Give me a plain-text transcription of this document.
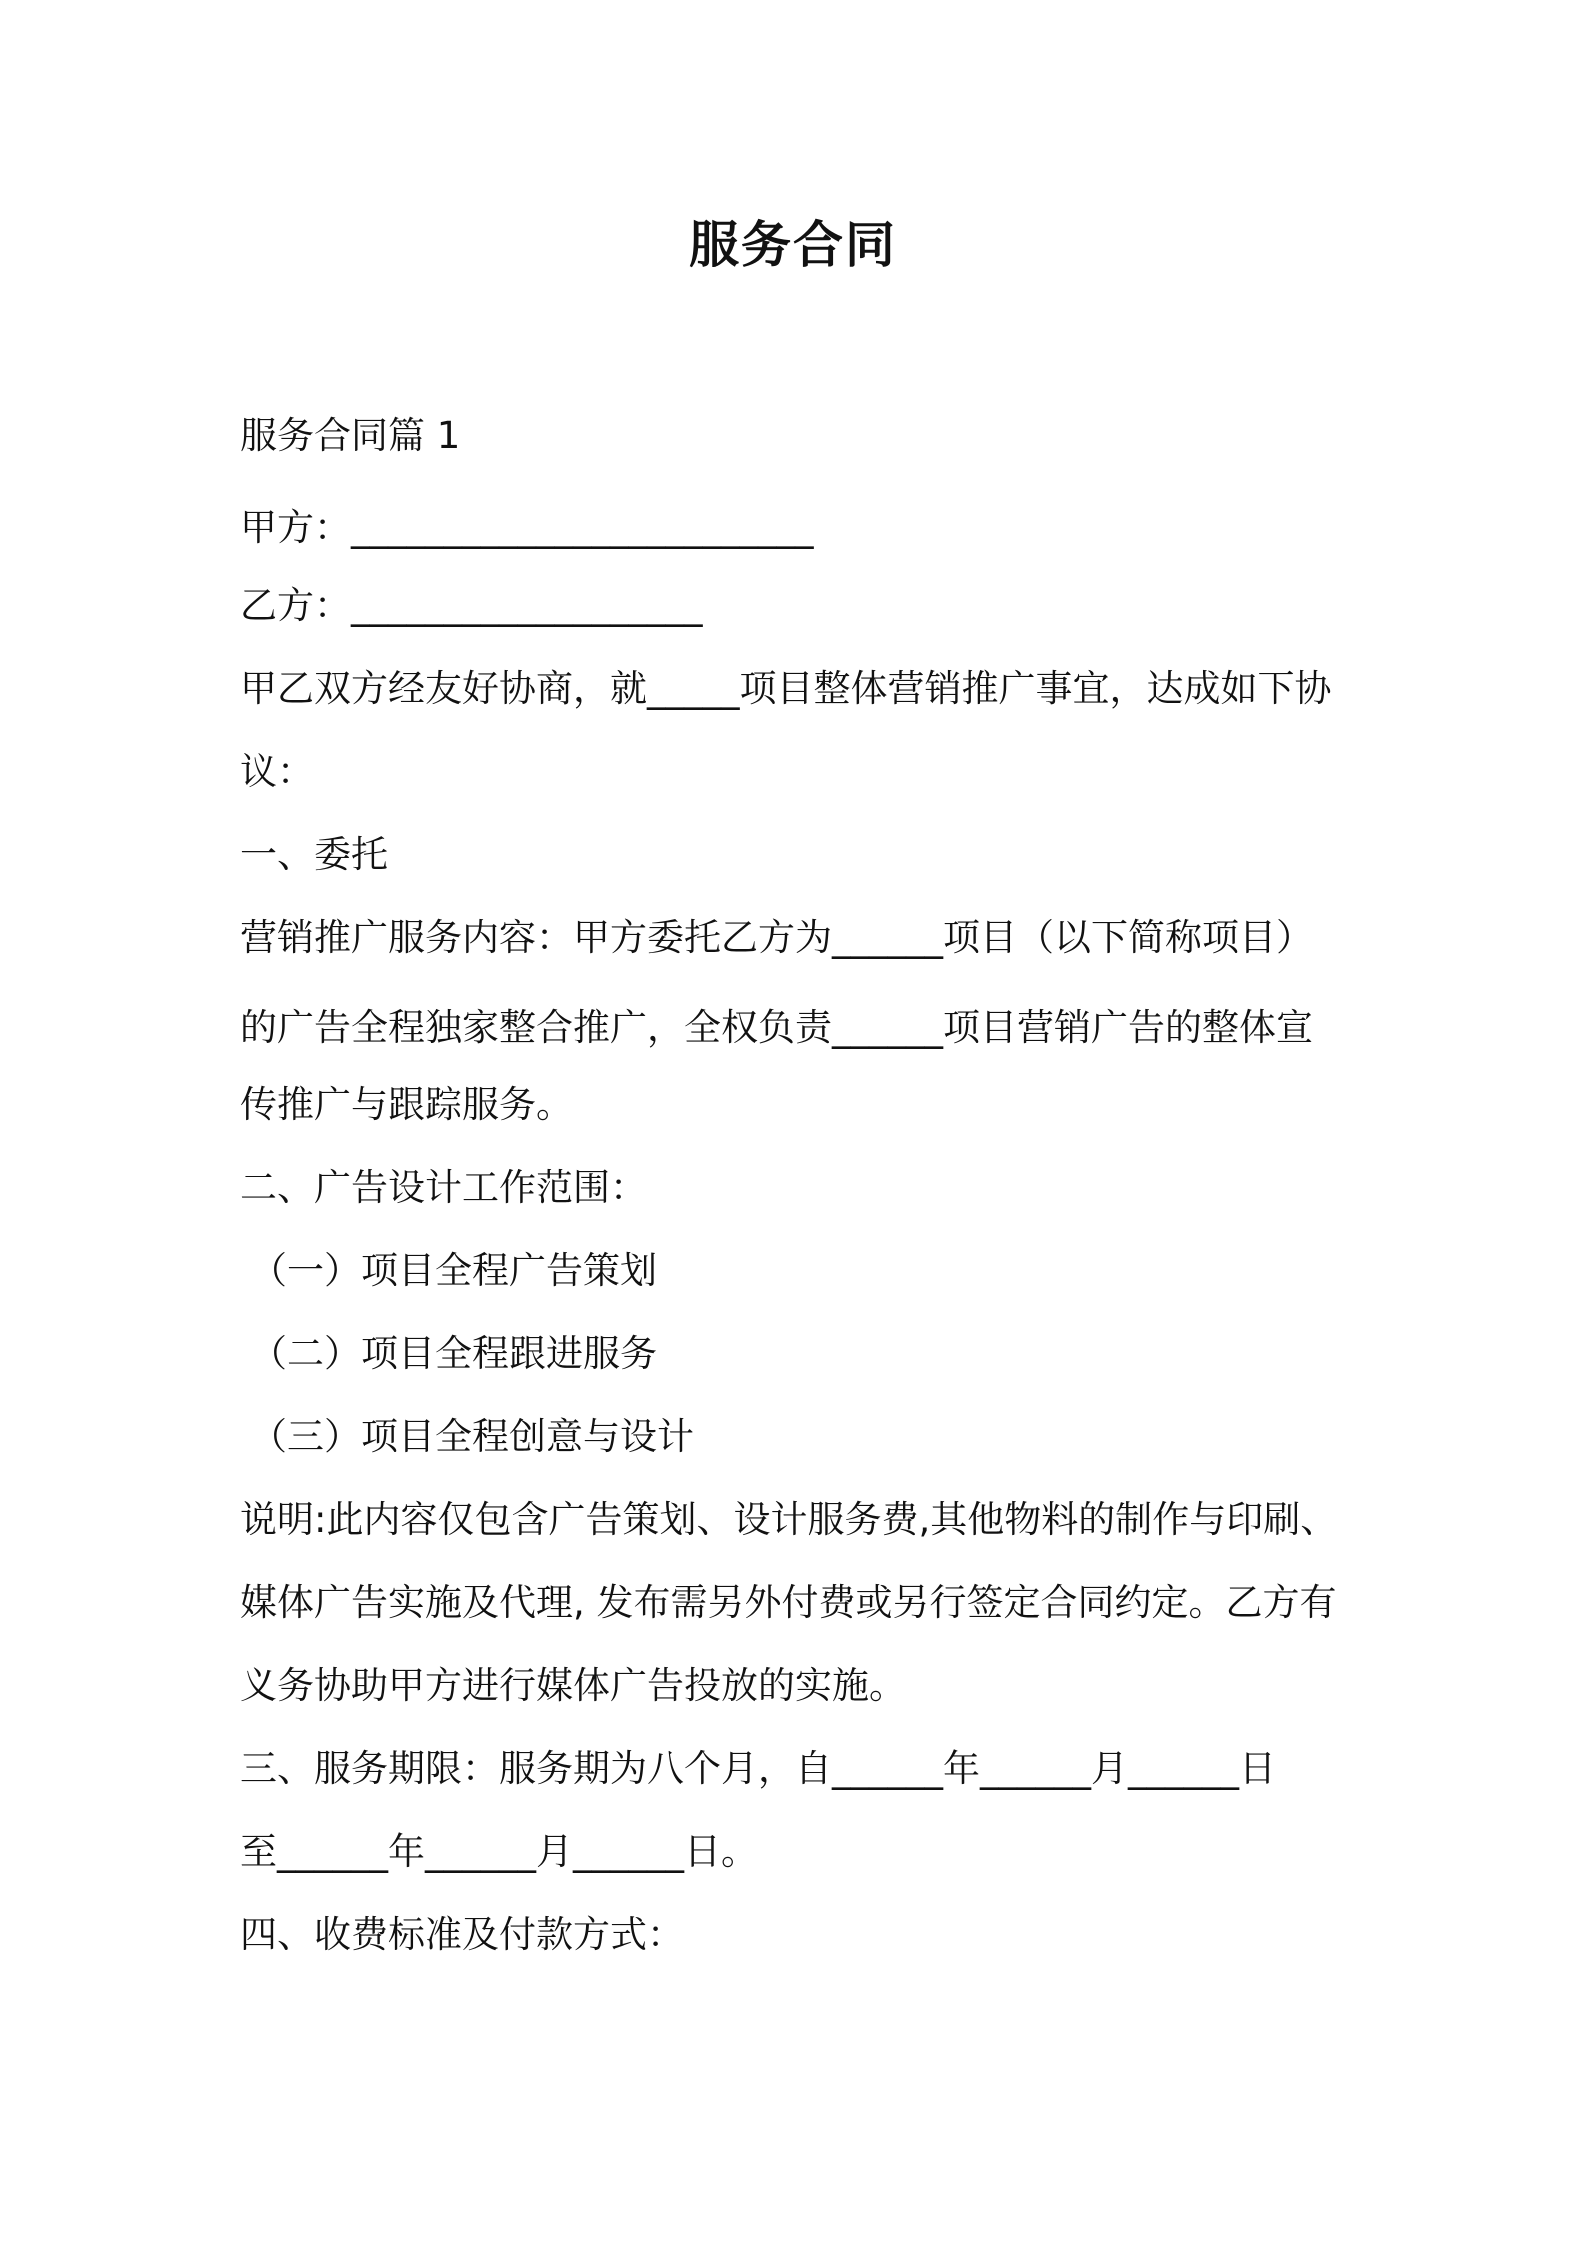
服务合同
服务合同篇 1
甲方：_________________________
乙方：___________________
甲乙双方经友好协商，就_____项目整体营销推广事宜，达成如下协
议：
一、委托
营销推广服务内容：甲方委托乙方为______项目（以下简称项目）
的广告全程独家整合推广，全权负责______项目营销广告的整体宣
传推广与跟踪服务。
二、广告设计工作范围：
（一）项目全程广告策划
（二）项目全程跟进服务
（三）项目全程创意与设计
说明:此内容仅包含广告策划、设计服务费,其他物料的制作与印刷、
媒体广告实施及代理, 发布需另外付费或另行签定合同约定。乙方有
义务协助甲方进行媒体广告投放的实施。
三、服务期限：服务期为八个月，自______年______月______日
至______年______月______日。
四、收费标准及付款方式：
